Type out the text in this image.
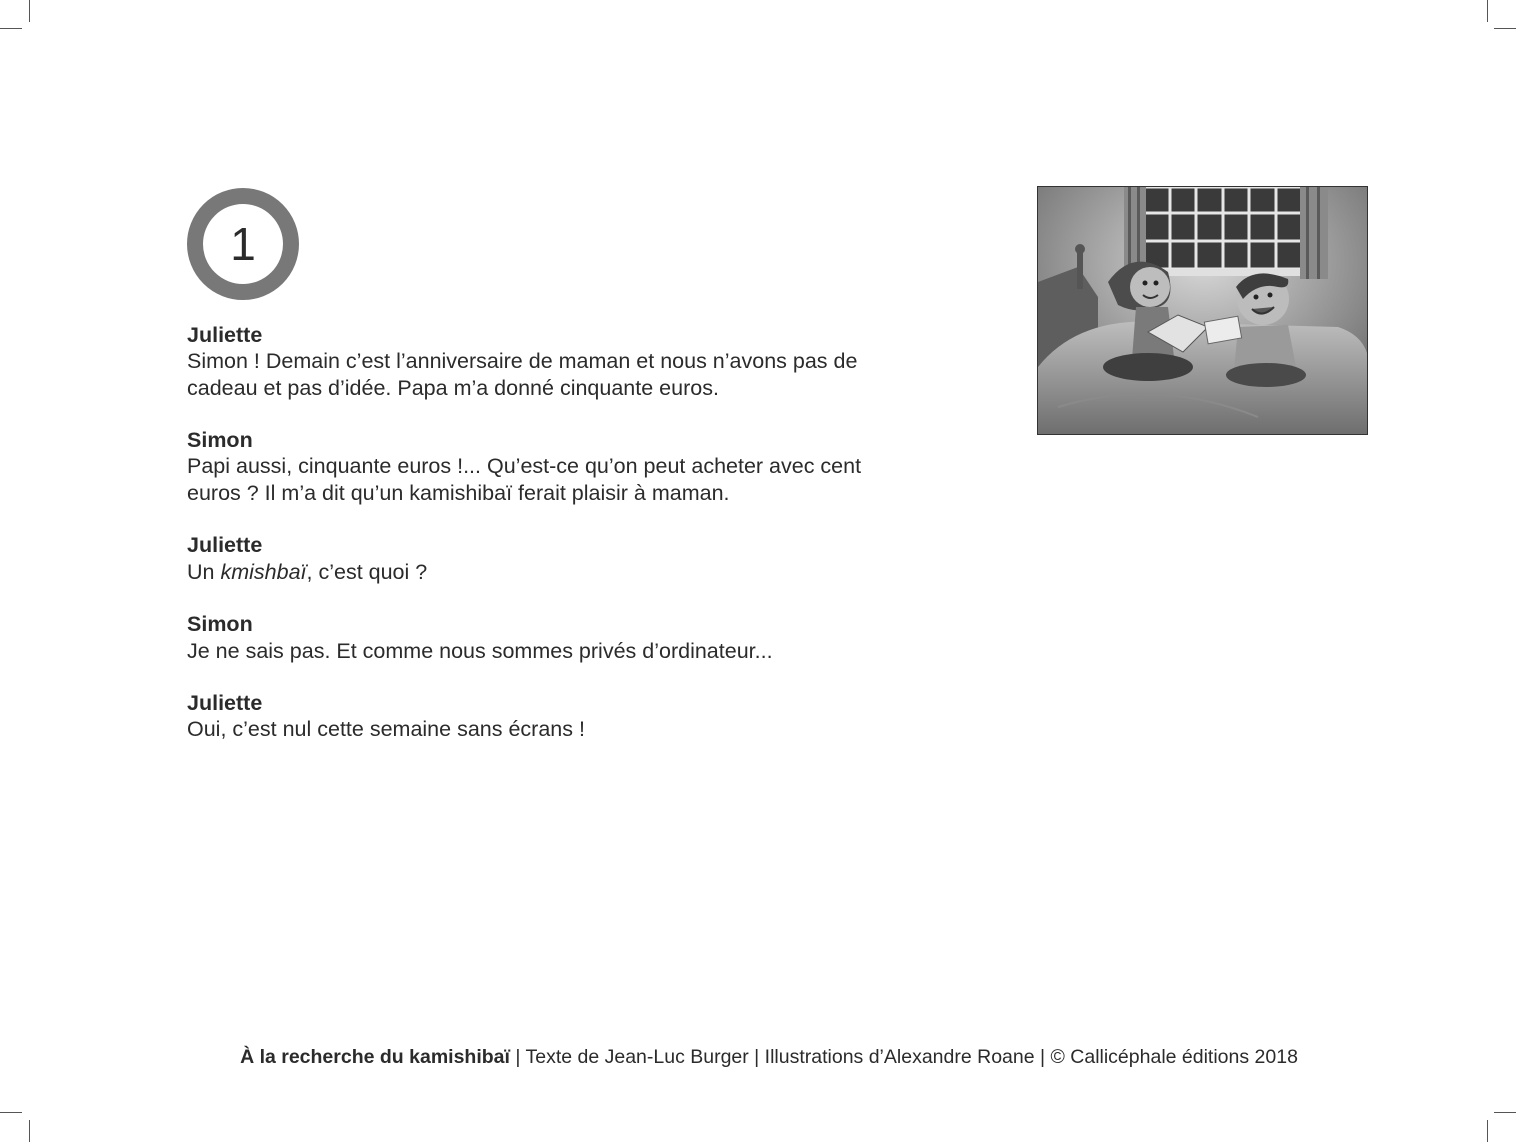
1
Juliette
Simon ! Demain c’est l’anniversaire de maman et nous n’avons pas de cadeau et pas d’idée. Papa m’a donné cinquante euros.
Simon
Papi aussi, cinquante euros !... Qu’est-ce qu’on peut acheter avec cent euros ? Il m’a dit qu’un kamishibaï ferait plaisir à maman.
Juliette
Un kmishbaï, c’est quoi ?
Simon
Je ne sais pas. Et comme nous sommes privés d’ordinateur...
Juliette
Oui, c’est nul cette semaine sans écrans !
À la recherche du kamishibaï | Texte de Jean-Luc Burger | Illustrations d’Alexandre Roane | © Callicéphale éditions 2018
